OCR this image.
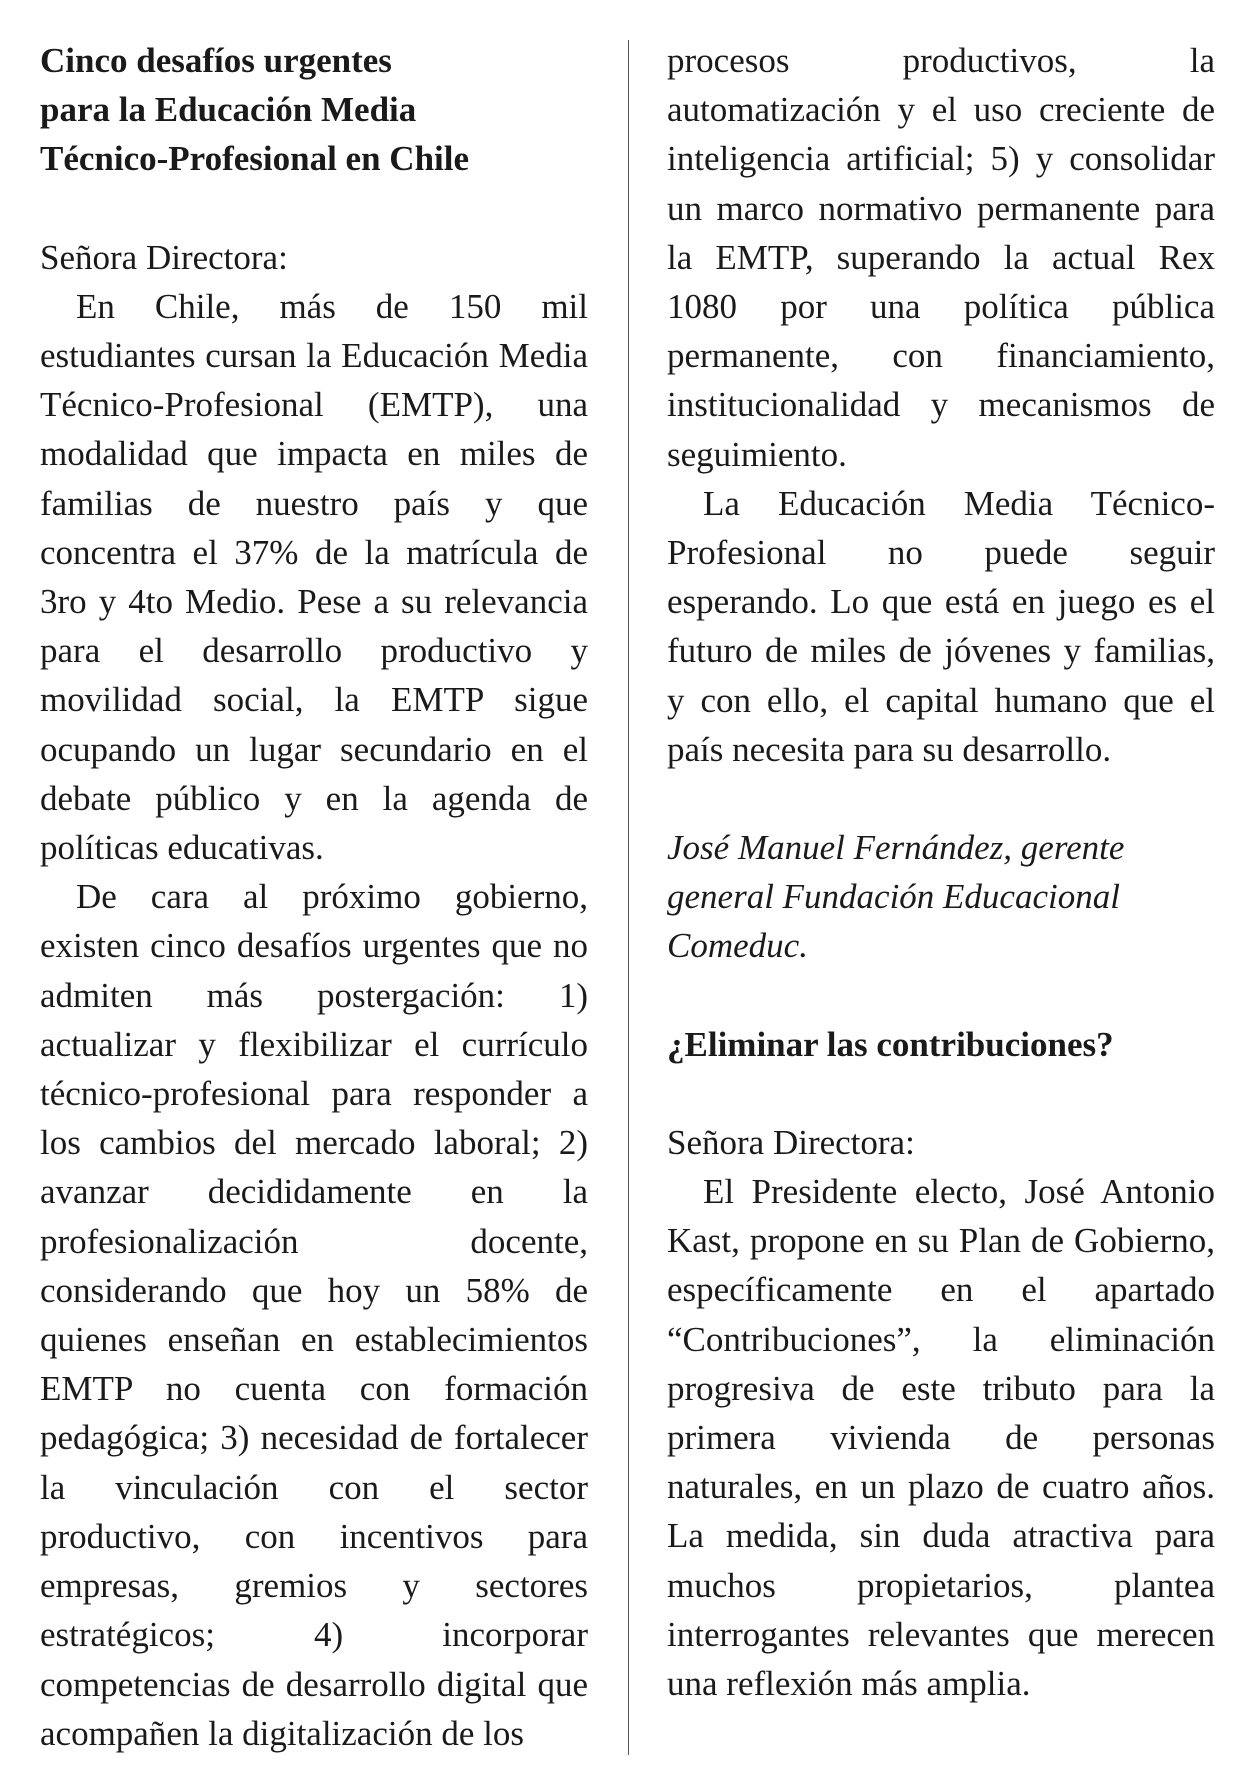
Cinco desafíos urgentes
para la Educación Media
Técnico-Profesional en Chile

Señora Directora:

En Chile, más de 150 mil estudiantes cursan la Educación Media Técnico-Profesional (EMTP), una modalidad que impacta en miles de familias de nuestro país y que concentra el 37% de la matrícula de 3ro y 4to Medio. Pese a su relevancia para el desarrollo productivo y movilidad social, la EMTP sigue ocupando un lugar secundario en el debate público y en la agenda de políticas educativas.

De cara al próximo gobierno, existen cinco desafíos urgentes que no admiten más postergación: 1) actualizar y flexibilizar el currículo técnico-profesional para responder a los cambios del mercado laboral; 2) avanzar decididamente en la profesionalización docente, considerando que hoy un 58% de quienes enseñan en establecimientos EMTP no cuenta con formación pedagógica; 3) necesidad de fortalecer la vinculación con el sector productivo, con incentivos para empresas, gremios y sectores estratégicos; 4) incorporar competencias de desarrollo digital que acompañen la digitalización de los

procesos productivos, la automatización y el uso creciente de inteligencia artificial; 5) y consolidar un marco normativo permanente para la EMTP, superando la actual Rex 1080 por una política pública permanente, con financiamiento, institucionalidad y mecanismos de seguimiento.

La Educación Media Técnico-Profesional no puede seguir esperando. Lo que está en juego es el futuro de miles de jóvenes y familias, y con ello, el capital humano que el país necesita para su desarrollo.

José Manuel Fernández, gerente general Fundación Educacional Comeduc.

¿Eliminar las contribuciones?

Señora Directora:

El Presidente electo, José Antonio Kast, propone en su Plan de Gobierno, específicamente en el apartado “Contribuciones”, la eliminación progresiva de este tributo para la primera vivienda de personas naturales, en un plazo de cuatro años. La medida, sin duda atractiva para muchos propietarios, plantea interrogantes relevantes que merecen una reflexión más amplia.
